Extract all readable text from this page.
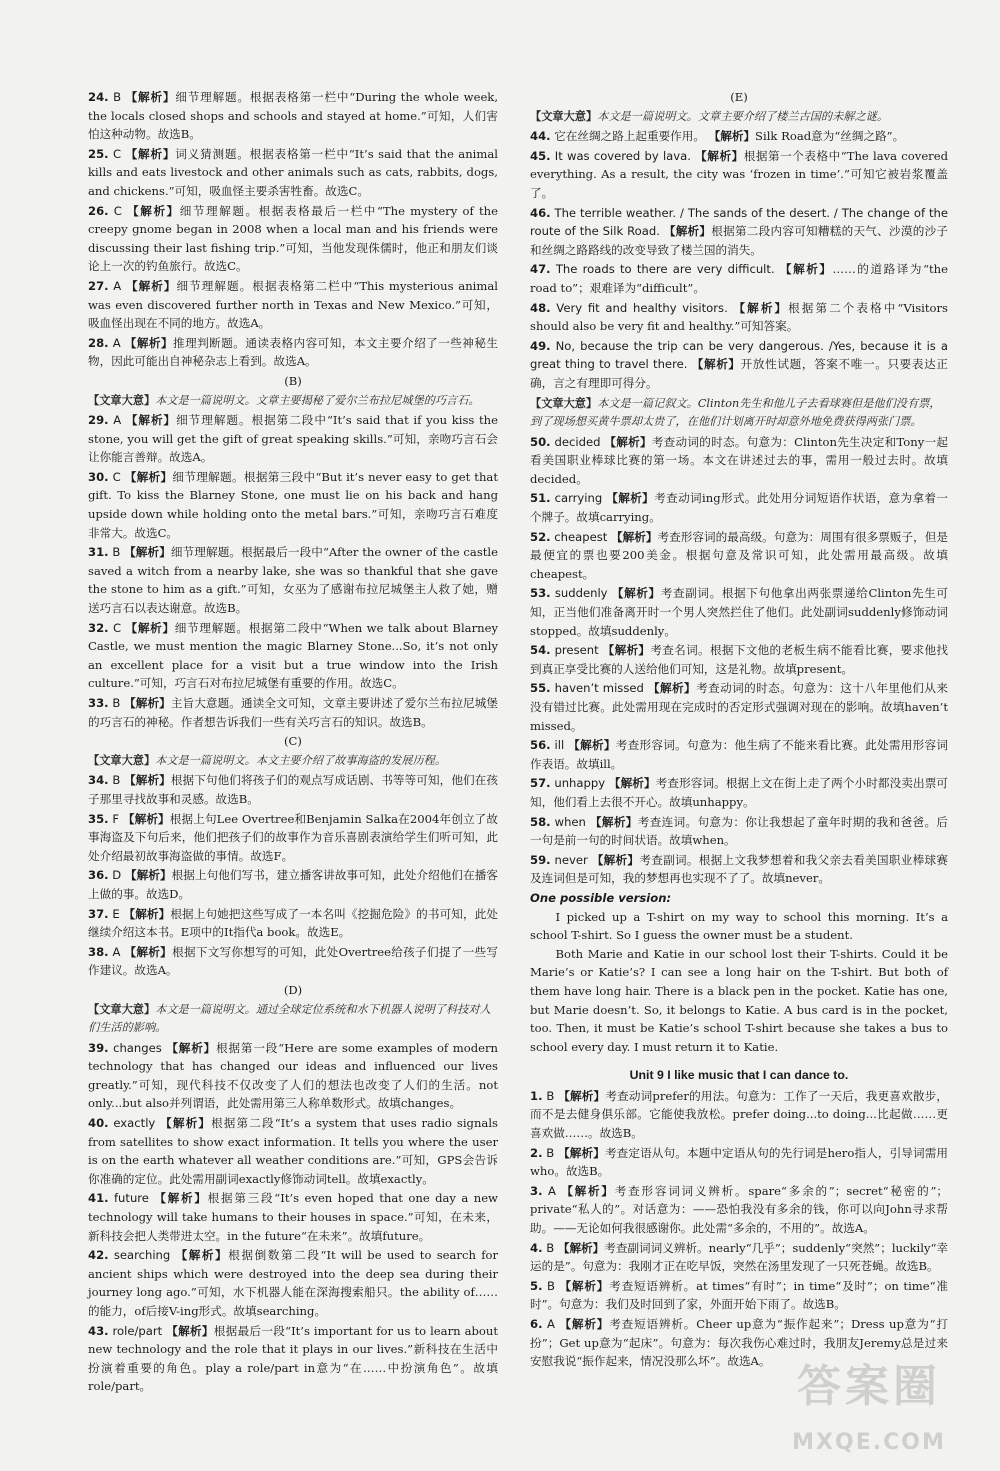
24. B 【解析】细节理解题。根据表格第一栏中“During the whole week, the locals closed shops and schools and stayed at home.”可知，人们害怕这种动物。故选B。

25. C 【解析】词义猜测题。根据表格第一栏中“It’s said that the animal kills and eats livestock and other animals such as cats, rabbits, dogs, and chickens.”可知，吸血怪主要杀害牲畜。故选C。

26. C 【解析】细节理解题。根据表格最后一栏中“The mystery of the creepy gnome began in 2008 when a local man and his friends were discussing their last fishing trip.”可知，当他发现侏儒时，他正和朋友们谈论上一次的钓鱼旅行。故选C。

27. A 【解析】细节理解题。根据表格第二栏中“This mysterious animal was even discovered further north in Texas and New Mexico.”可知，吸血怪出现在不同的地方。故选A。

28. A 【解析】推理判断题。通读表格内容可知，本文主要介绍了一些神秘生物，因此可能出自神秘杂志上看到。故选A。

(B)

【文章大意】本文是一篇说明文。文章主要揭秘了爱尔兰布拉尼城堡的巧言石。

29. A 【解析】细节理解题。根据第二段中“It’s said that if you kiss the stone, you will get the gift of great speaking skills.”可知，亲吻巧言石会让你能言善辩。故选A。

30. C 【解析】细节理解题。根据第三段中“But it’s never easy to get that gift. To kiss the Blarney Stone, one must lie on his back and hang upside down while holding onto the metal bars.”可知，亲吻巧言石难度非常大。故选C。

31. B 【解析】细节理解题。根据最后一段中“After the owner of the castle saved a witch from a nearby lake, she was so thankful that she gave the stone to him as a gift.”可知，女巫为了感谢布拉尼城堡主人救了她，赠送巧言石以表达谢意。故选B。

32. C 【解析】细节理解题。根据第二段中“When we talk about Blarney Castle, we must mention the magic Blarney Stone...So, it’s not only an excellent place for a visit but a true window into the Irish culture.”可知，巧言石对布拉尼城堡有重要的作用。故选C。

33. B 【解析】主旨大意题。通读全文可知，文章主要讲述了爱尔兰布拉尼城堡的巧言石的神秘。作者想告诉我们一些有关巧言石的知识。故选B。

(C)

【文章大意】本文是一篇说明文。本文主要介绍了故事海盗的发展历程。

34. B 【解析】根据下句他们将孩子们的观点写成话剧、书等等可知，他们在孩子那里寻找故事和灵感。故选B。

35. F 【解析】根据上句Lee Overtree和Benjamin Salka在2004年创立了故事海盗及下句后来，他们把孩子们的故事作为音乐喜剧表演给学生们听可知，此处介绍最初故事海盗做的事情。故选F。

36. D 【解析】根据上句他们写书，建立播客讲故事可知，此处介绍他们在播客上做的事。故选D。

37. E 【解析】根据上句她把这些写成了一本名叫《挖掘危险》的书可知，此处继续介绍这本书。E项中的It指代a book。故选E。

38. A 【解析】根据下文写你想写的可知，此处Overtree给孩子们提了一些写作建议。故选A。

(D)

【文章大意】本文是一篇说明文。通过全球定位系统和水下机器人说明了科技对人们生活的影响。

39. changes 【解析】根据第一段“Here are some examples of modern technology that has changed our ideas and influenced our lives greatly.”可知，现代科技不仅改变了人们的想法也改变了人们的生活。not only...but also并列谓语，此处需用第三人称单数形式。故填changes。

40. exactly 【解析】根据第二段“It’s a system that uses radio signals from satellites to show exact information. It tells you where the user is on the earth whatever all weather conditions are.”可知，GPS会告诉你准确的定位。此处需用副词exactly修饰动词tell。故填exactly。

41. future 【解析】根据第三段“It’s even hoped that one day a new technology will take humans to their houses in space.”可知，在未来，新科技会把人类带进太空。in the future“在未来”。故填future。

42. searching 【解析】根据倒数第二段“It will be used to search for ancient ships which were destroyed into the deep sea during their journey long ago.”可知，水下机器人能在深海搜索船只。the ability of……的能力，of后接V-ing形式。故填searching。

43. role/part 【解析】根据最后一段“It’s important for us to learn about new technology and the role that it plays in our lives.”新科技在生活中扮演着重要的角色。play a role/part in意为“在……中扮演角色”。故填role/part。

(E)

【文章大意】本文是一篇说明文。文章主要介绍了楼兰古国的未解之谜。

44. 它在丝绸之路上起重要作用。 【解析】Silk Road意为“丝绸之路”。

45. It was covered by lava. 【解析】根据第一个表格中“The lava covered everything. As a result, the city was ‘frozen in time’.”可知它被岩浆覆盖了。

46. The terrible weather. / The sands of the desert. / The change of the route of the Silk Road. 【解析】根据第二段内容可知糟糕的天气、沙漠的沙子和丝绸之路路线的改变导致了楼兰国的消失。

47. The roads to there are very difficult. 【解析】……的道路译为“the road to”；艰难译为“difficult”。

48. Very fit and healthy visitors. 【解析】根据第二个表格中“Visitors should also be very fit and healthy.”可知答案。

49. No, because the trip can be very dangerous. /Yes, because it is a great thing to travel there. 【解析】开放性试题，答案不唯一。只要表达正确，言之有理即可得分。

【文章大意】本文是一篇记叙文。Clinton先生和他儿子去看球赛但是他们没有票，到了现场想买黄牛票却太贵了，在他们计划离开时却意外地免费获得两张门票。

50. decided 【解析】考查动词的时态。句意为：Clinton先生决定和Tony一起看美国职业棒球比赛的第一场。本文在讲述过去的事，需用一般过去时。故填decided。

51. carrying 【解析】考查动词ing形式。此处用分词短语作状语，意为拿着一个牌子。故填carrying。

52. cheapest 【解析】考查形容词的最高级。句意为：周围有很多票贩子，但是最便宜的票也要200美金。根据句意及常识可知，此处需用最高级。故填cheapest。

53. suddenly 【解析】考查副词。根据下句他拿出两张票递给Clinton先生可知，正当他们准备离开时一个男人突然拦住了他们。此处副词suddenly修饰动词stopped。故填suddenly。

54. present 【解析】考查名词。根据下文他的老板生病不能看比赛，要求他找到真正享受比赛的人送给他们可知，这是礼物。故填present。

55. haven’t missed 【解析】考查动词的时态。句意为：这十八年里他们从来没有错过比赛。此处需用现在完成时的否定形式强调对现在的影响。故填haven’t missed。

56. ill 【解析】考查形容词。句意为：他生病了不能来看比赛。此处需用形容词作表语。故填ill。

57. unhappy 【解析】考查形容词。根据上文在街上走了两个小时都没卖出票可知，他们看上去很不开心。故填unhappy。

58. when 【解析】考查连词。句意为：你让我想起了童年时期的我和爸爸。后一句是前一句的时间状语。故填when。

59. never 【解析】考查副词。根据上文我梦想着和我父亲去看美国职业棒球赛及连词但是可知，我的梦想再也实现不了了。故填never。

One possible version:

I picked up a T-shirt on my way to school this morning. It’s a school T-shirt. So I guess the owner must be a student.

Both Marie and Katie in our school lost their T-shirts. Could it be Marie’s or Katie’s? I can see a long hair on the T-shirt. But both of them have long hair. There is a black pen in the pocket. Katie has one, but Marie doesn’t. So, it belongs to Katie. A bus card is in the pocket, too. Then, it must be Katie’s school T-shirt because she takes a bus to school every day. I must return it to Katie.

Unit 9 I like music that I can dance to.

1. B 【解析】考查动词prefer的用法。句意为：工作了一天后，我更喜欢散步，而不是去健身俱乐部。它能使我放松。prefer doing...to doing...比起做……更喜欢做……。故选B。

2. B 【解析】考查定语从句。本题中定语从句的先行词是hero指人，引导词需用who。故选B。

3. A 【解析】考查形容词词义辨析。spare“多余的”；secret“秘密的”；private“私人的”。对话意为：——恐怕我没有多余的钱，你可以向John寻求帮助。——无论如何我很感谢你。此处需“多余的，不用的”。故选A。

4. B 【解析】考查副词词义辨析。nearly“几乎”；suddenly“突然”；luckily“幸运的是”。句意为：我刚才正在吃早饭，突然在汤里发现了一只死苍蝇。故选B。

5. B 【解析】考查短语辨析。at times“有时”；in time“及时”；on time“准时”。句意为：我们及时回到了家，外面开始下雨了。故选B。

6. A 【解析】考查短语辨析。Cheer up意为“振作起来”；Dress up意为“打扮”；Get up意为“起床”。句意为：每次我伤心难过时，我朋友Jeremy总是过来安慰我说“振作起来，情况没那么坏”。故选A。 答案圈
MXQE.COM
